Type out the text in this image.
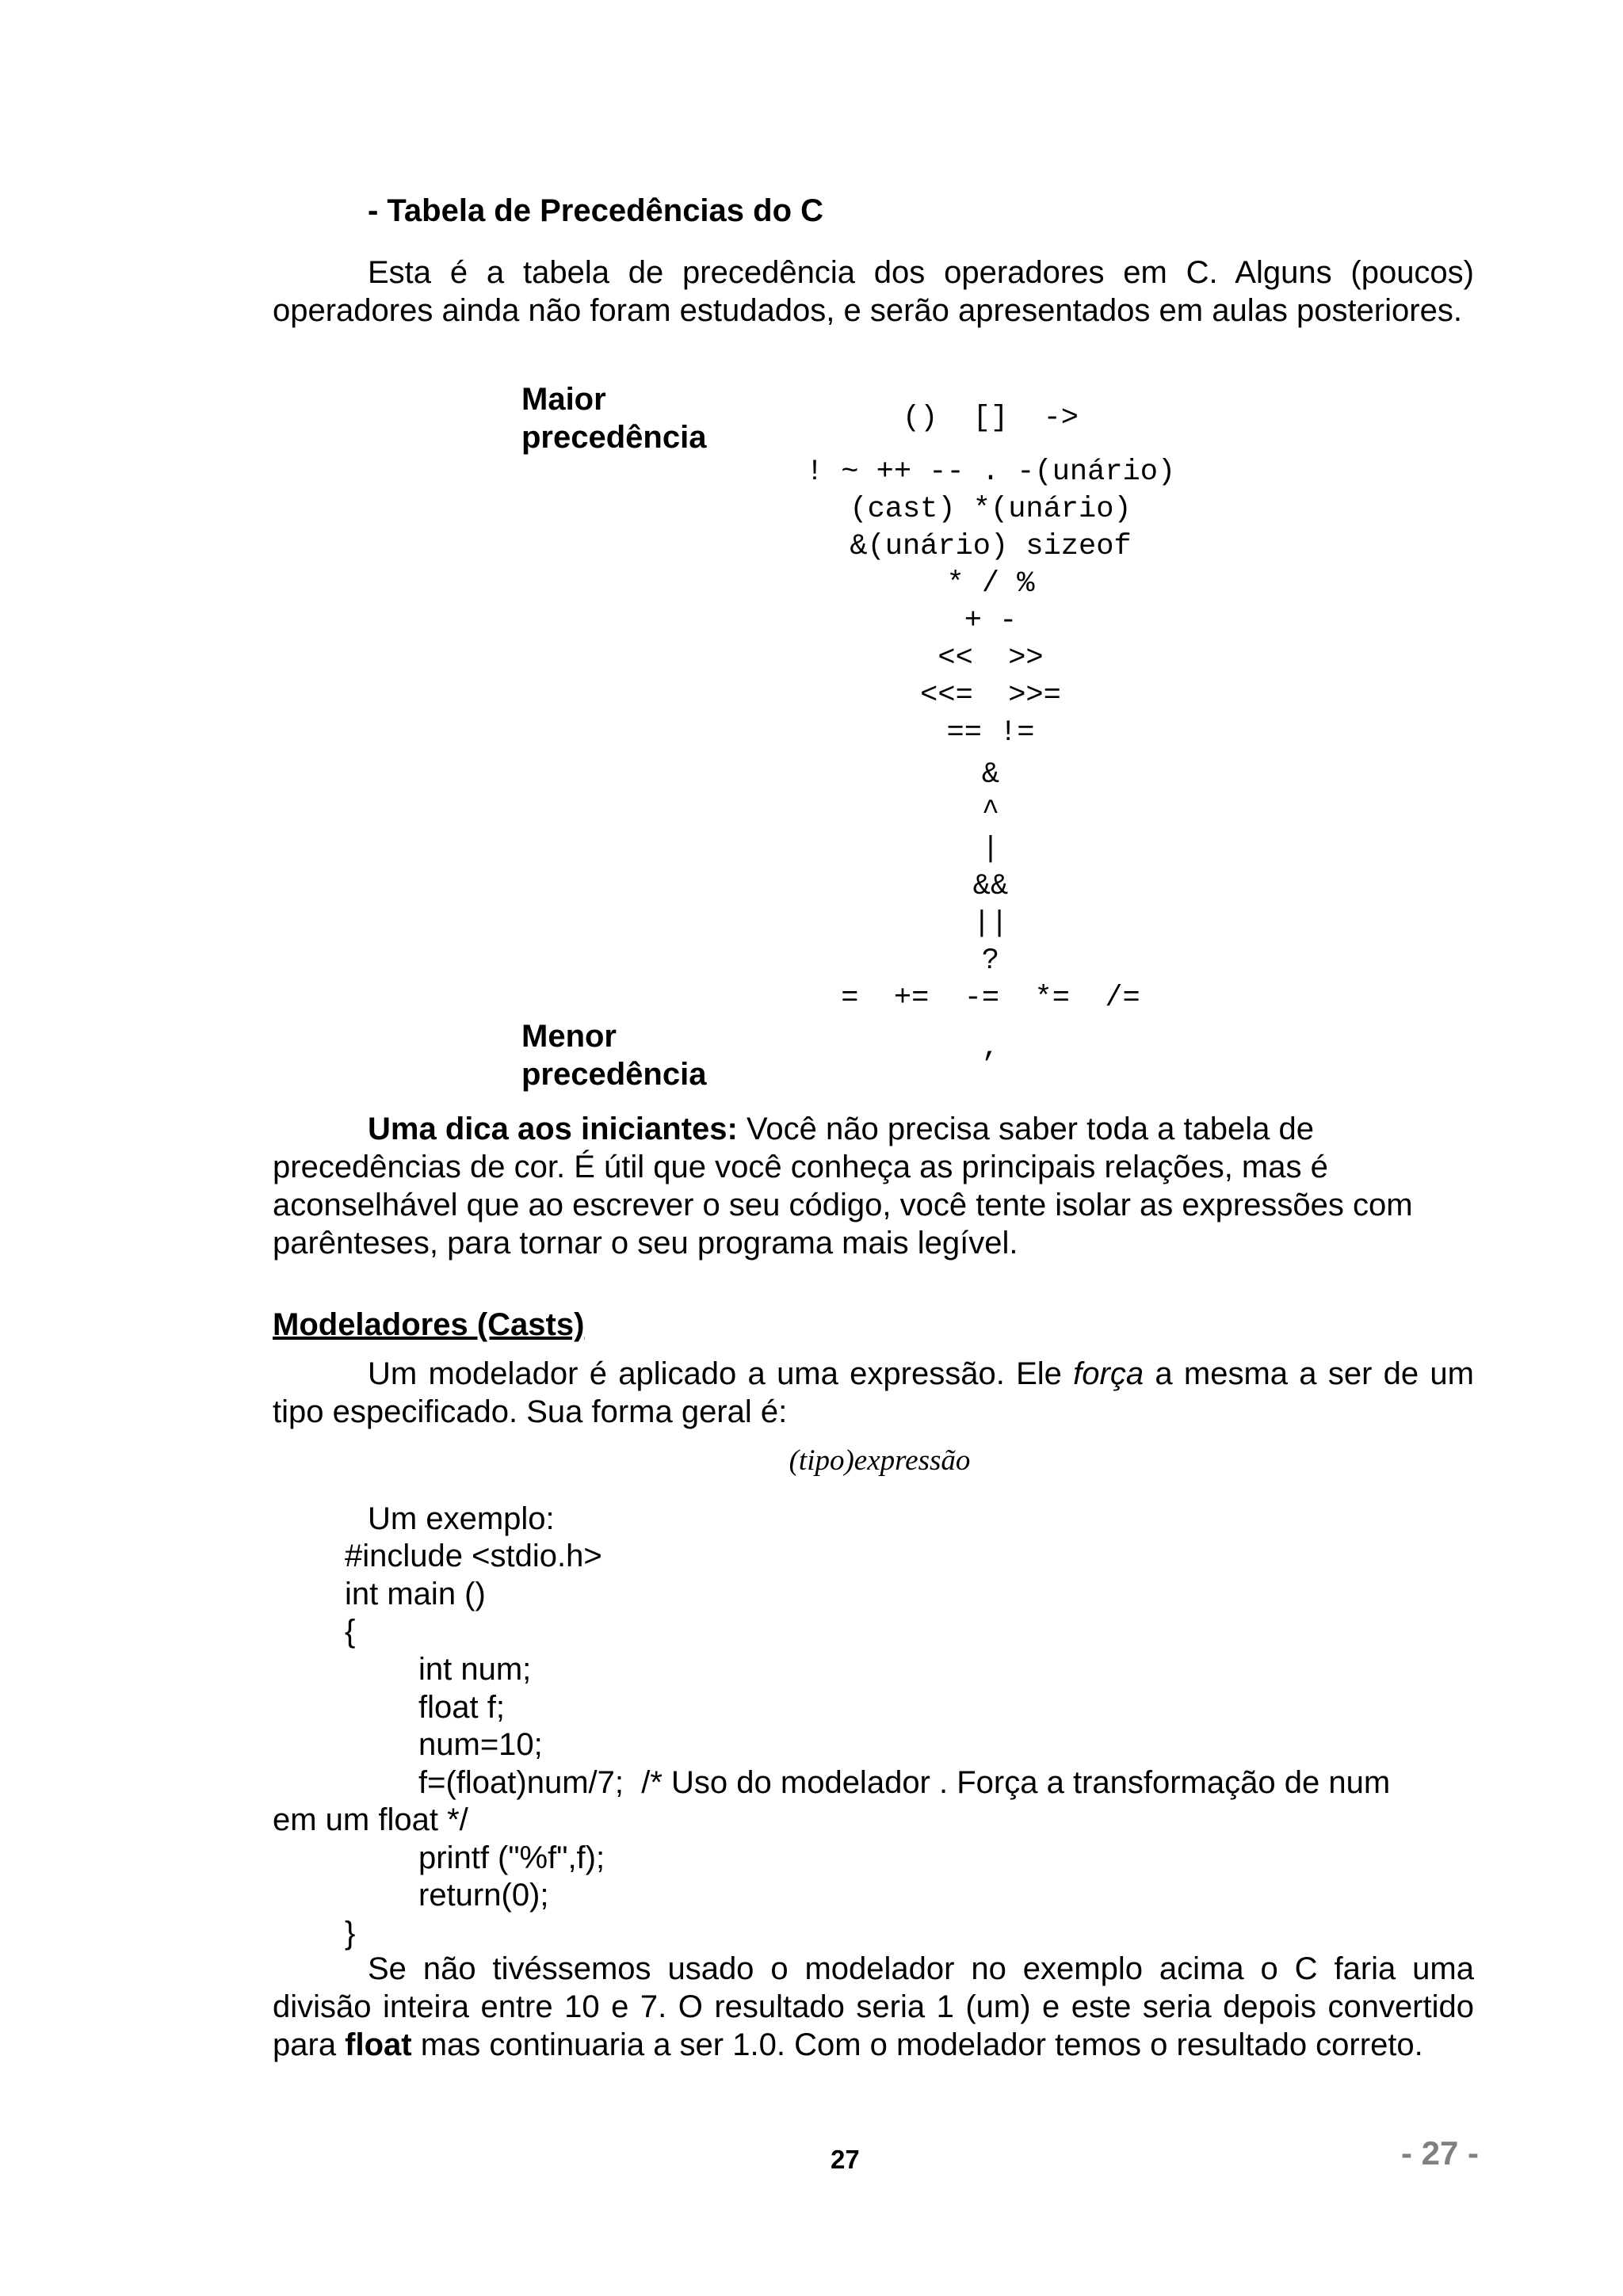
- Tabela de Precedências do C
Esta é a tabela de precedência dos operadores em C. Alguns (poucos) operadores ainda não foram estudados, e serão apresentados em aulas posteriores.
Maior precedência
Menor precedência
()  []  ->
! ~ ++ -- . -(unário)
(cast) *(unário)
&(unário) sizeof
* / %
+ -
<<  >>
<<=  >>=
== !=
&
^
|
&&
||
?
=  +=  -=  *=  /=
,
Uma dica aos iniciantes: Você não precisa saber toda a tabela de precedências de cor. É útil que você conheça as principais relações, mas é aconselhável que ao escrever o seu código, você tente isolar as expressões com parênteses, para tornar o seu programa mais legível.
Modeladores (Casts)
Um modelador é aplicado a uma expressão. Ele força a mesma a ser de um tipo especificado. Sua forma geral é:
(tipo)expressão
Um exemplo:
#include <stdio.h>
int main ()
{
int num;
float f;
num=10;
f=(float)num/7;  /* Uso do modelador . Força a transformação de num
em um float */
printf ("%f",f);
return(0);
}
Se não tivéssemos usado o modelador no exemplo acima o C faria uma divisão inteira entre 10 e 7. O resultado seria 1 (um) e este seria depois convertido para float mas continuaria a ser 1.0. Com o modelador temos o resultado correto.
27	- 27 -
